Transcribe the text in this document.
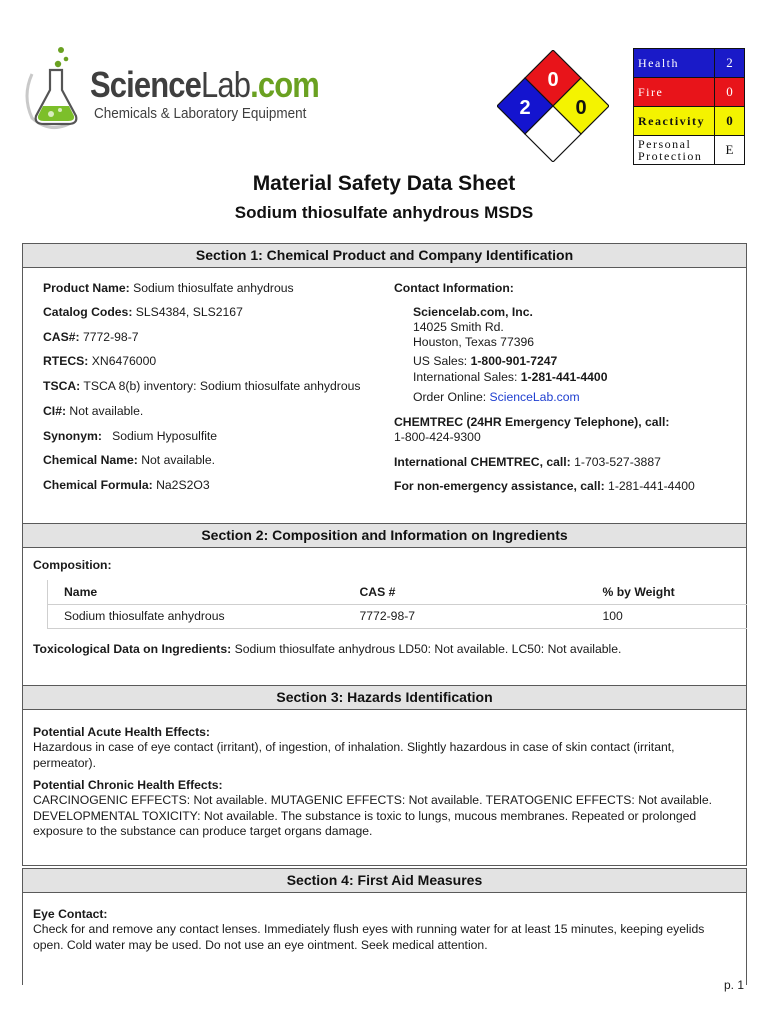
ScienceLab.com
Chemicals & Laboratory Equipment
0
2 0
Health	2
Fire	0
Reactivity	0
Personal
Protection	E
Material Safety Data Sheet
Sodium thiosulfate anhydrous MSDS
Section 1: Chemical Product and Company Identification
Product Name: Sodium thiosulfate anhydrous
Catalog Codes: SLS4384, SLS2167
CAS#: 7772-98-7
RTECS: XN6476000
TSCA: TSCA 8(b) inventory: Sodium thiosulfate anhydrous
CI#: Not available.
Synonym:   Sodium Hyposulfite
Chemical Name: Not available.
Chemical Formula: Na2S2O3
Contact Information:
Sciencelab.com, Inc.
14025 Smith Rd.
Houston, Texas 77396
US Sales: 1-800-901-7247
International Sales: 1-281-441-4400
Order Online: ScienceLab.com
CHEMTREC (24HR Emergency Telephone), call:
1-800-424-9300
International CHEMTREC, call: 1-703-527-3887
For non-emergency assistance, call: 1-281-441-4400
Section 2: Composition and Information on Ingredients
Composition:
Name	CAS #	% by Weight
Sodium thiosulfate anhydrous	7772-98-7	100
Toxicological Data on Ingredients: Sodium thiosulfate anhydrous LD50: Not available. LC50: Not available.
Section 3: Hazards Identification
Potential Acute Health Effects:
Hazardous in case of eye contact (irritant), of ingestion, of inhalation. Slightly hazardous in case of skin contact (irritant, permeator).
Potential Chronic Health Effects:
CARCINOGENIC EFFECTS: Not available. MUTAGENIC EFFECTS: Not available. TERATOGENIC EFFECTS: Not available. DEVELOPMENTAL TOXICITY: Not available. The substance is toxic to lungs, mucous membranes. Repeated or prolonged exposure to the substance can produce target organs damage.
Section 4: First Aid Measures
Eye Contact:
Check for and remove any contact lenses. Immediately flush eyes with running water for at least 15 minutes, keeping eyelids open. Cold water may be used. Do not use an eye ointment. Seek medical attention.
p. 1
